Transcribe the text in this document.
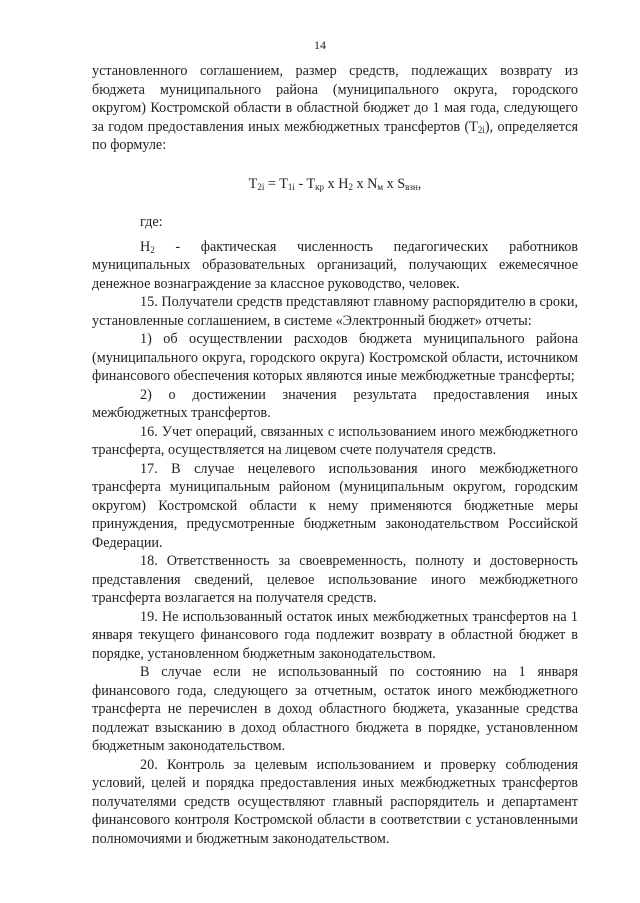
14

установленного соглашением, размер средств, подлежащих возврату из бюджета муниципального района (муниципального округа, городского округом) Костромской области в областной бюджет до 1 мая года, следующего за годом предоставления иных межбюджетных трансфертов $(T_{2i})$, определяется по формуле:

$T_{2i} = T_{1i} - T_{кр}$ x $H_2$ x $N_м$ x $S_{взн}$,

где:

$H_2$ - фактическая численность педагогических работников муниципальных образовательных организаций, получающих ежемесячное денежное вознаграждение за классное руководство, человек.

15. Получатели средств представляют главному распорядителю в сроки, установленные соглашением, в системе «Электронный бюджет» отчеты:

1) об осуществлении расходов бюджета муниципального района (муниципального округа, городского округа) Костромской области, источником финансового обеспечения которых являются иные межбюджетные трансферты;

2) о достижении значения результата предоставления иных межбюджетных трансфертов.

16. Учет операций, связанных с использованием иного межбюджетного трансферта, осуществляется на лицевом счете получателя средств.

17. В случае нецелевого использования иного межбюджетного трансферта муниципальным районом (муниципальным округом, городским округом) Костромской области к нему применяются бюджетные меры принуждения, предусмотренные бюджетным законодательством Российской Федерации.

18. Ответственность за своевременность, полноту и достоверность представления сведений, целевое использование иного межбюджетного трансферта возлагается на получателя средств.

19. Не использованный остаток иных межбюджетных трансфертов на 1 января текущего финансового года подлежит возврату в областной бюджет в порядке, установленном бюджетным законодательством.

В случае если не использованный по состоянию на 1 января финансового года, следующего за отчетным, остаток иного межбюджетного трансферта не перечислен в доход областного бюджета, указанные средства подлежат взысканию в доход областного бюджета в порядке, установленном бюджетным законодательством.

20. Контроль за целевым использованием и проверку соблюдения условий, целей и порядка предоставления иных межбюджетных трансфертов получателями средств осуществляют главный распорядитель и департамент финансового контроля Костромской области в соответствии с установленными полномочиями и бюджетным законодательством.
